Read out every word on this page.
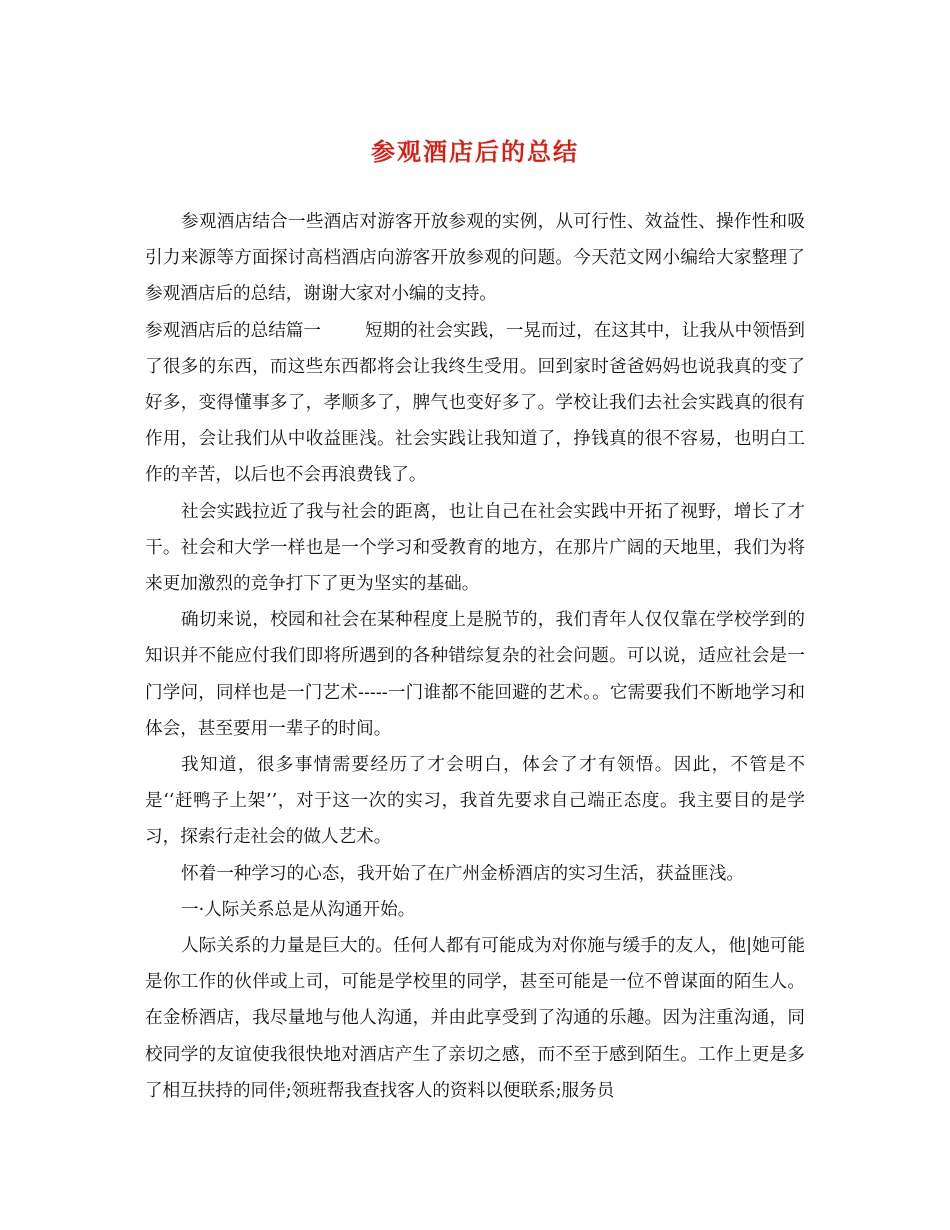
参观酒店后的总结

参观酒店结合一些酒店对游客开放参观的实例，从可行性、效益性、操作性和吸引力来源等方面探讨高档酒店向游客开放参观的问题。今天范文网小编给大家整理了参观酒店后的总结，谢谢大家对小编的支持。

参观酒店后的总结篇一	短期的社会实践，一晃而过，在这其中，让我从中领悟到了很多的东西，而这些东西都将会让我终生受用。回到家时爸爸妈妈也说我真的变了好多，变得懂事多了，孝顺多了，脾气也变好多了。学校让我们去社会实践真的很有作用，会让我们从中收益匪浅。社会实践让我知道了，挣钱真的很不容易，也明白工作的辛苦，以后也不会再浪费钱了。

社会实践拉近了我与社会的距离，也让自己在社会实践中开拓了视野，增长了才干。社会和大学一样也是一个学习和受教育的地方，在那片广阔的天地里，我们为将来更加激烈的竞争打下了更为坚实的基础。

确切来说，校园和社会在某种程度上是脱节的，我们青年人仅仅靠在学校学到的知识并不能应付我们即将所遇到的各种错综复杂的社会问题。可以说，适应社会是一门学问，同样也是一门艺术-----一门谁都不能回避的艺术。。它需要我们不断地学习和体会，甚至要用一辈子的时间。

我知道，很多事情需要经历了才会明白，体会了才有领悟。因此，不管是不是‘‘赶鸭子上架’’，对于这一次的实习，我首先要求自己端正态度。我主要目的是学习，探索行走社会的做人艺术。

怀着一种学习的心态，我开始了在广州金桥酒店的实习生活，获益匪浅。

一·人际关系总是从沟通开始。

人际关系的力量是巨大的。任何人都有可能成为对你施与缓手的友人，他|她可能是你工作的伙伴或上司，可能是学校里的同学，甚至可能是一位不曾谋面的陌生人。在金桥酒店，我尽量地与他人沟通，并由此享受到了沟通的乐趣。因为注重沟通，同校同学的友谊使我很快地对酒店产生了亲切之感，而不至于感到陌生。工作上更是多了相互扶持的同伴;领班帮我查找客人的资料以便联系;服务员
